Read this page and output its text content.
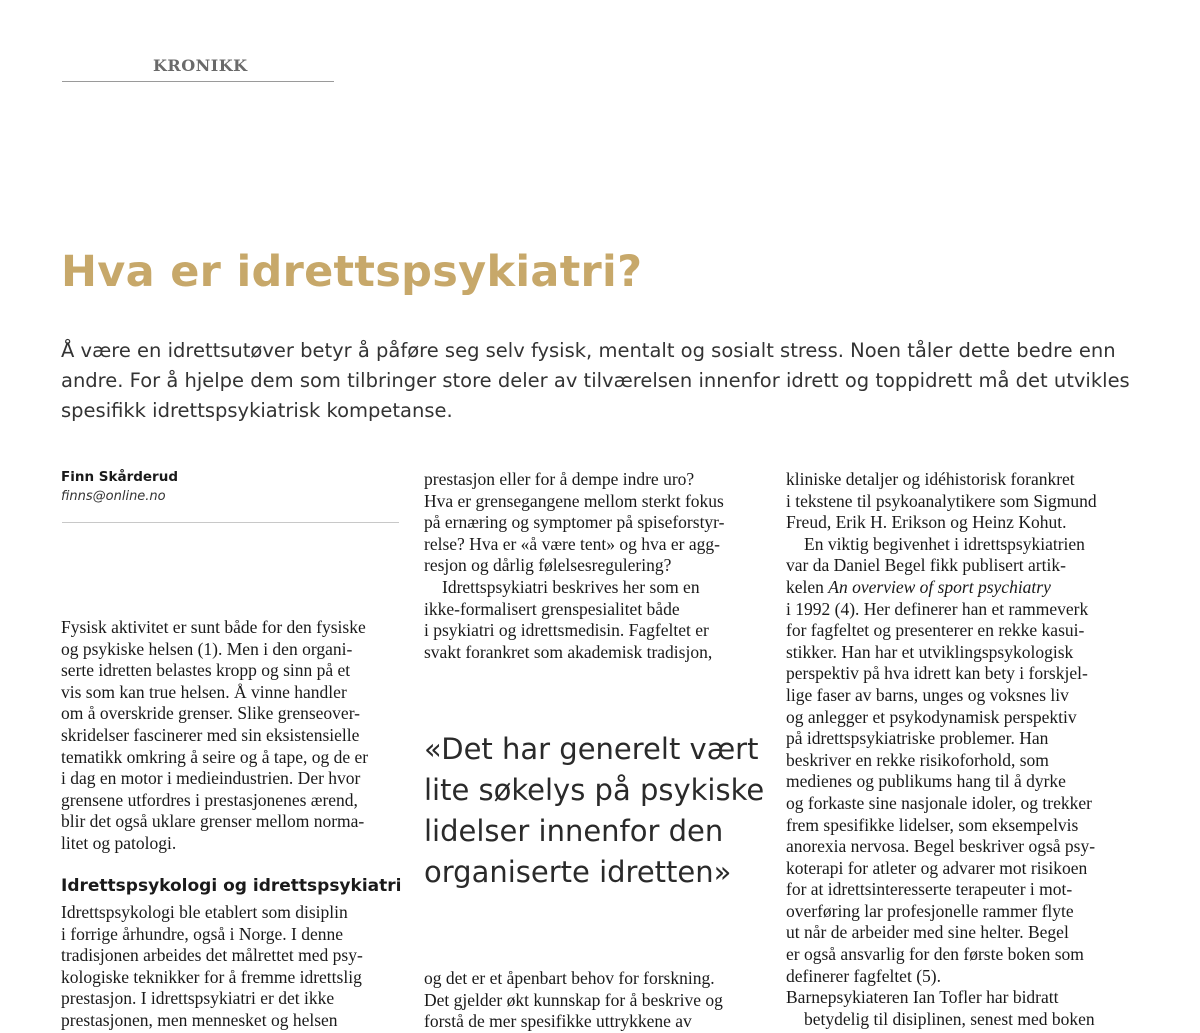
KRONIKK
Hva er idrettspsykiatri?
Å være en idrettsutøver betyr å påføre seg selv fysisk, mentalt og sosialt stress. Noen tåler dette bedre enn
andre. For å hjelpe dem som tilbringer store deler av tilværelsen innenfor idrett og toppidrett må det utvikles
spesifikk idrettspsykiatrisk kompetanse.
Finn Skårderud
finns@online.no
Fysisk aktivitet er sunt både for den fysiske
og psykiske helsen (1). Men i den organi-
serte idretten belastes kropp og sinn på et
vis som kan true helsen. Å vinne handler
om å overskride grenser. Slike grenseover-
skridelser fascinerer med sin eksistensielle
tematikk omkring å seire og å tape, og de er
i dag en motor i medieindustrien. Der hvor
grensene utfordres i prestasjonenes ærend,
blir det også uklare grenser mellom norma-
litet og patologi.
Idrettspsykologi og idrettspsykiatri
Idrettspsykologi ble etablert som disiplin
i forrige århundre, også i Norge. I denne
tradisjonen arbeides det målrettet med psy-
kologiske teknikker for å fremme idrettslig
prestasjon. I idrettspsykiatri er det ikke
prestasjonen, men mennesket og helsen
prestasjon eller for å dempe indre uro?
Hva er grensegangene mellom sterkt fokus
på ernæring og symptomer på spiseforstyr-
relse? Hva er «å være tent» og hva er agg-
resjon og dårlig følelsesregulering?
Idrettspsykiatri beskrives her som en
ikke-formalisert grenspesialitet både
i psykiatri og idrettsmedisin. Fagfeltet er
svakt forankret som akademisk tradisjon,
«Det har generelt vært
lite søkelys på psykiske
lidelser innenfor den
organiserte idretten»
og det er et åpenbart behov for forskning.
Det gjelder økt kunnskap for å beskrive og
forstå de mer spesifikke uttrykkene av
kliniske detaljer og idéhistorisk forankret
i tekstene til psykoanalytikere som Sigmund
Freud, Erik H. Erikson og Heinz Kohut.
En viktig begivenhet i idrettspsykiatrien
var da Daniel Begel fikk publisert artik-
kelen An overview of sport psychiatry
i 1992 (4). Her definerer han et rammeverk
for fagfeltet og presenterer en rekke kasui-
stikker. Han har et utviklingspsykologisk
perspektiv på hva idrett kan bety i forskjel-
lige faser av barns, unges og voksnes liv
og anlegger et psykodynamisk perspektiv
på idrettspsykiatriske problemer. Han
beskriver en rekke risikoforhold, som
medienes og publikums hang til å dyrke
og forkaste sine nasjonale idoler, og trekker
frem spesifikke lidelser, som eksempelvis
anorexia nervosa. Begel beskriver også psy-
koterapi for atleter og advarer mot risikoen
for at idrettsinteresserte terapeuter i mot-
overføring lar profesjonelle rammer flyte
ut når de arbeider med sine helter. Begel
er også ansvarlig for den første boken som
definerer fagfeltet (5).
Barnepsykiateren Ian Tofler har bidratt
betydelig til disiplinen, senest med boken
